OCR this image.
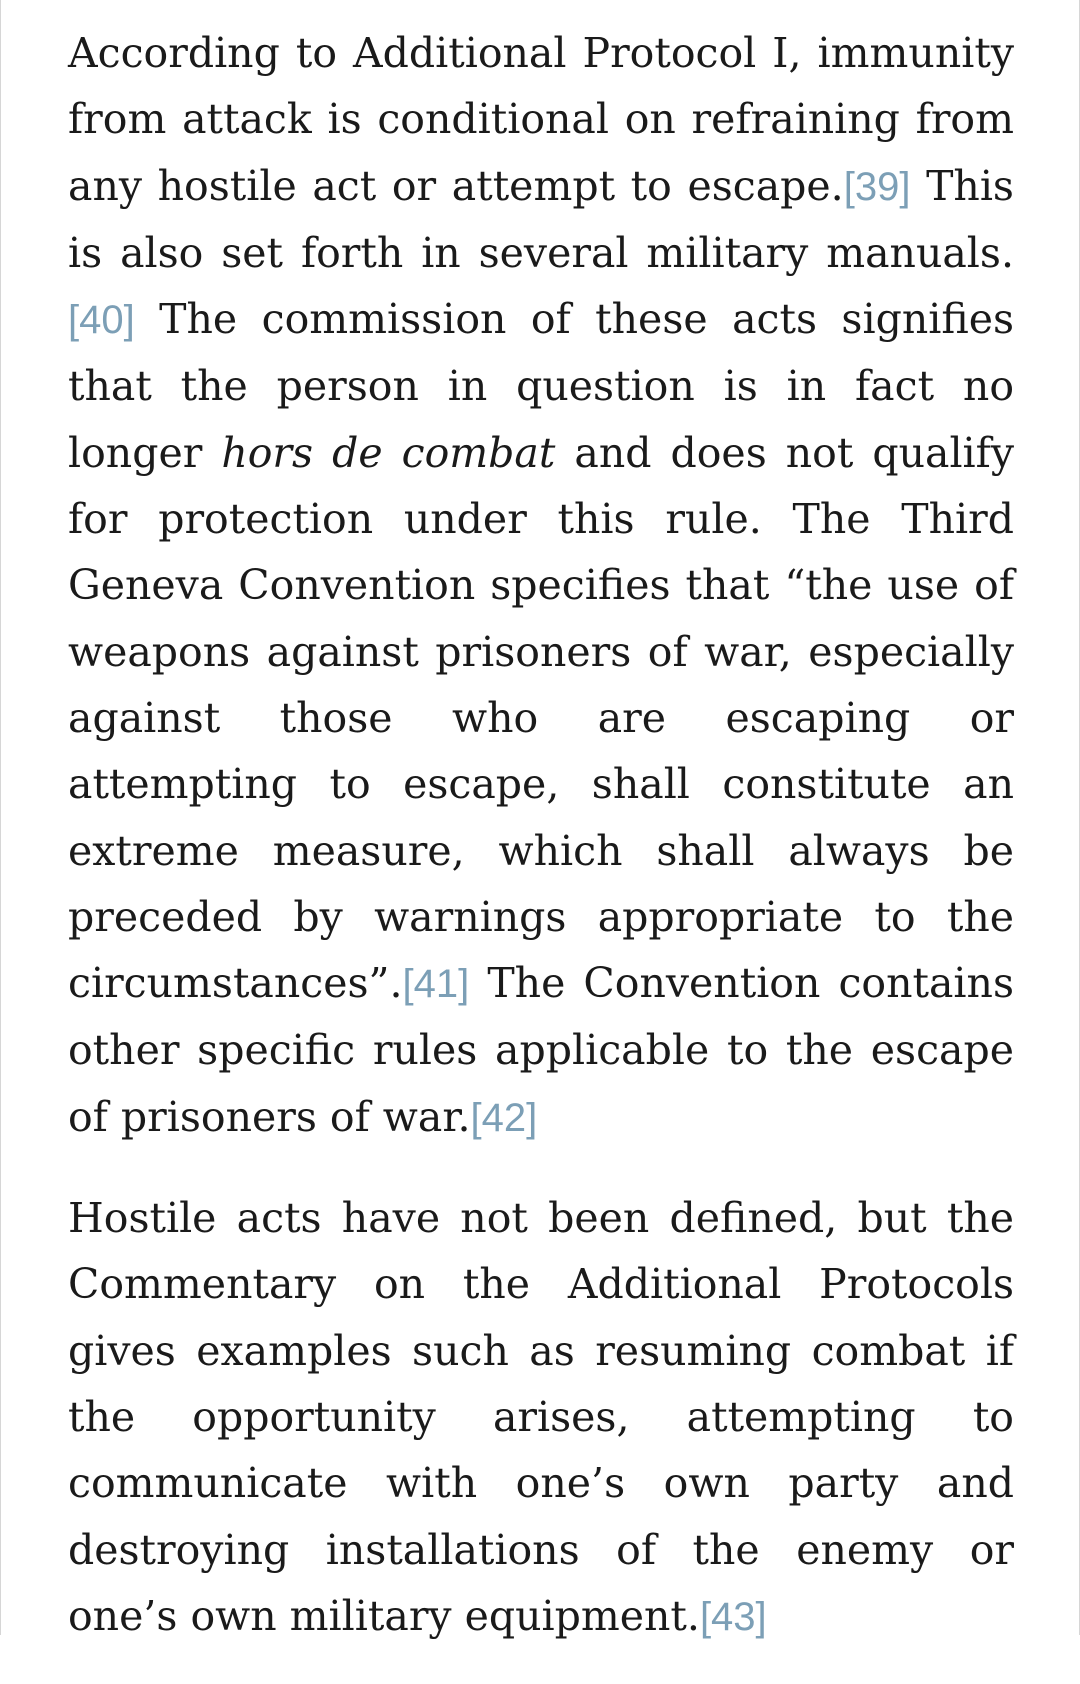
According to Additional Protocol I, immunity from attack is conditional on refraining from any hostile act or attempt to escape.[39] This is also set forth in several military manuals.[40] The commission of these acts signifies that the person in question is in fact no longer hors de combat and does not qualify for protection under this rule. The Third Geneva Convention specifies that “the use of weapons against prisoners of war, especially against those who are escaping or attempting to escape, shall constitute an extreme measure, which shall always be preceded by warnings appropriate to the circumstances”.[41] The Convention contains other specific rules applicable to the escape of prisoners of war.[42]

Hostile acts have not been defined, but the Commentary on the Additional Protocols gives examples such as resuming combat if the opportunity arises, attempting to communicate with one’s own party and destroying installations of the enemy or one’s own military equipment.[43]
